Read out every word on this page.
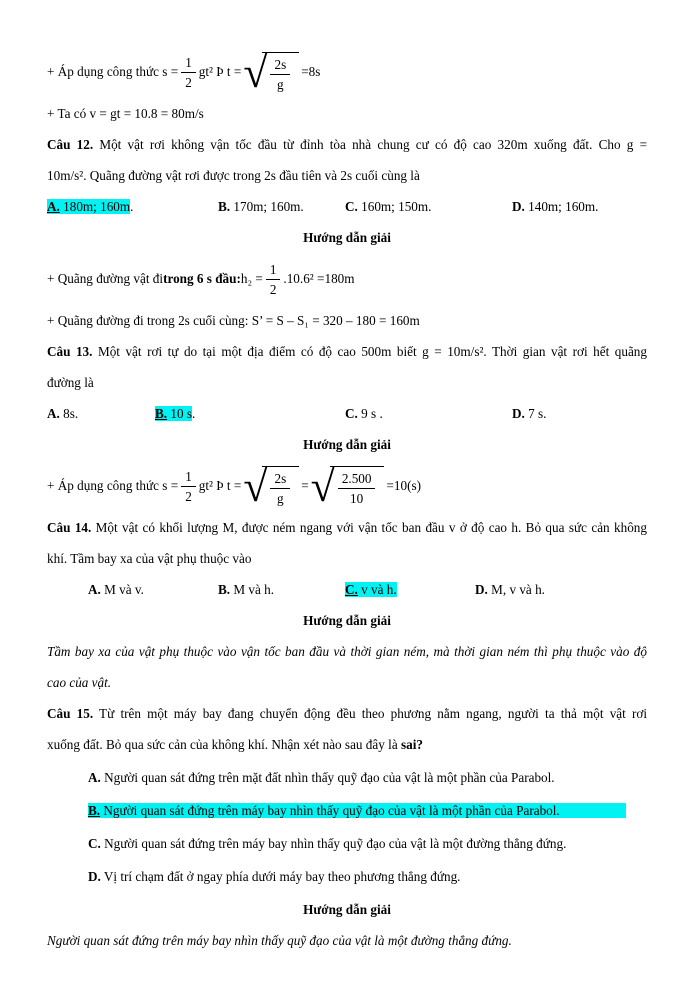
+ Áp dụng công thức $s = \frac{1}{2} gt^2$ Þ t = √ $\frac{2s}{g} =8s$

+ Ta có v = gt = 10.8 = 80m/s

Câu 12. Một vật rơi không vận tốc đầu từ đỉnh tòa nhà chung cư có độ cao 320m xuống đất. Cho g =

10m/s². Quãng đường vật rơi được trong 2s đầu tiên và 2s cuối cùng là

A. 180m; 160m.	B. 170m; 160m.	C. 160m; 150m.	D. 140m; 160m.
Hướng dẫn giải
+ Quãng đường vật đi trong 6 s đầu: $h_2 = \frac{1}{2} .10.6^2 =180m$

+ Quãng đường đi trong 2s cuối cùng: S’ = S – S₁ = 320 – 180 = 160m

Câu 13. Một vật rơi tự do tại một địa điểm có độ cao 500m biết g = 10m/s². Thời gian vật rơi hết quãng

đường là

A. 8s.	B. 10 s.	C. 9 s .	D. 7 s.
Hướng dẫn giải
+ Áp dụng công thức $s = \frac{1}{2} gt^2$ Þ t = √ $\frac{2s}{g}$ = √ $\frac{2.500}{10} =10(s)$

Câu 14. Một vật có khối lượng M, được ném ngang với vận tốc ban đầu v ở độ cao h. Bỏ qua sức cản không

khí. Tầm bay xa của vật phụ thuộc vào

A. M và v.	B. M và h.	C. v và h.	D. M, v và h.
Hướng dẫn giải

Tầm bay xa của vật phụ thuộc vào vận tốc ban đầu và thời gian ném, mà thời gian ném thì phụ thuộc vào độ

cao của vật.

Câu 15. Từ trên một máy bay đang chuyển động đều theo phương nằm ngang, người ta thả một vật rơi

xuống đất. Bỏ qua sức cản của không khí. Nhận xét nào sau đây là sai?

A. Người quan sát đứng trên mặt đất nhìn thấy quỹ đạo của vật là một phần của Parabol.

B. Người quan sát đứng trên máy bay nhìn thấy quỹ đạo của vật là một phần của Parabol.

C. Người quan sát đứng trên máy bay nhìn thấy quỹ đạo của vật là một đường thẳng đứng.

D. Vị trí chạm đất ở ngay phía dưới máy bay theo phương thẳng đứng.

Hướng dẫn giải

Người quan sát đứng trên máy bay nhìn thấy quỹ đạo của vật là một đường thẳng đứng.
